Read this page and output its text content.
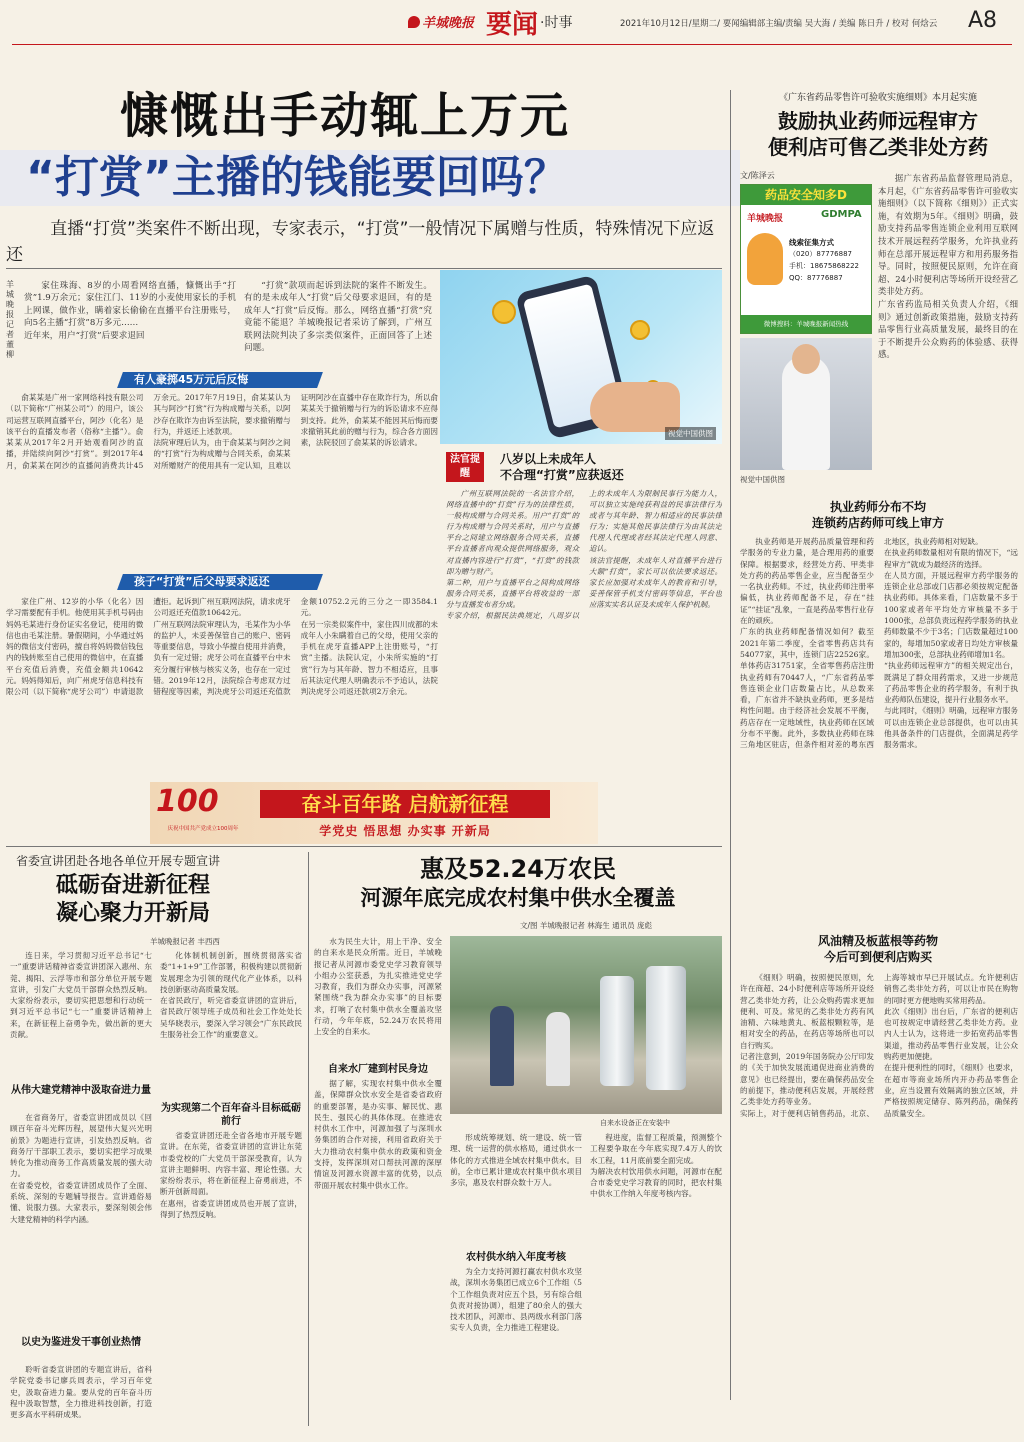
羊城晚报 要闻 ·时事	2021年10月12日/星期二/ 要闻编辑部主编/责编 吴大海 / 美编 陈日升 / 校对 何焓云 A8
慷慨出手动辄上万元
“打赏”主播的钱能要回吗？
直播“打赏”类案件不断出现，专家表示，“打赏”一般情况下属赠与性质，特殊情况下应返还
羊城晚报记者 董柳
家住珠海、8岁的小周看网络直播，慷慨出手“打赏”1.9万余元；家住江门、11岁的小麦使用家长的手机上网课，做作业，瞒着家长偷偷在直播平台注册账号，向5名主播“打赏”8万多元……
近年来，用户“打赏”后要求退回
“打赏”款项而起诉到法院的案件不断发生。有的是未成年人“打赏”后父母要求退回，有的是成年人“打赏”后反悔。那么，网络直播“打赏”究竟能不能退？羊城晚报记者采访了解到，广州互联网法院判决了多宗类似案件，正面回答了上述问题。
视觉中国供图
有人豪掷45万元后反悔
俞某某是广州一家网络科技有限公司（以下简称“广州某公司”）的用户，该公司运营互联网直播平台，阿沙（化名）是该平台的直播发布者（俗称“主播”）。俞某某从2017年2月开始观看阿沙的直播，并陆续向阿沙“打赏”。到2017年4月，俞某某在阿沙的直播间消费共计45万余元。2017年7月19日，俞某某认为其与阿沙“打赏”行为构成赠与关系，以阿沙存在欺诈为由诉至法院，要求撤销赠与行为，并返还上述款项。
法院审理后认为，由于俞某某与阿沙之间的“打赏”行为构成赠与合同关系，俞某某对所赠财产的使用具有一定认知，且难以证明阿沙在直播中存在欺诈行为，所以俞某某关于撤销赠与行为的诉讼请求不应得到支持。此外，俞某某不能因其后悔而要求撤销其此前的赠与行为，综合各方面因素，法院驳回了俞某某的诉讼请求。
孩子“打赏”后父母要求返还
家住广州、12岁的小华（化名）因学习需要配有手机。他使用其手机号码由妈妈毛某进行身份证实名登记，使用的微信也由毛某注册。暑假期间，小华通过妈妈的微信支付密码，擅自将妈妈微信钱包内的钱转账至自己使用的微信中，在直播平台充值后消费，充值金额共10642元。妈妈得知后，向广州虎牙信息科技有限公司（以下简称“虎牙公司”）申请退款遭拒。起诉到广州互联网法院，请求虎牙公司返还充值款10642元。
广州互联网法院审理认为，毛某作为小华的监护人，未妥善保管自己的账户、密码等重要信息，导致小华擅自使用并消费，负有一定过错；虎牙公司在直播平台中未充分履行审核与核实义务，也存在一定过错。2019年12月，法院综合考虑双方过错程度等因素，判决虎牙公司返还充值款金额10752.2元的三分之一即3584.1元。
在另一宗类似案件中，家住四川成都的未成年人小朱瞒着自己的父母，使用父亲的手机在虎牙直播APP上注册账号，“打赏”主播。法院认定，小朱所实施的“打赏”行为与其年龄、智力不相适应，且事后其法定代理人明确表示不予追认，法院判决虎牙公司返还款项2万余元。
法官提醒
八岁以上未成年人
不合理“打赏”应获返还
广州互联网法院的一名法官介绍，网络直播中的“打赏”行为的法律性质，一般构成赠与合同关系。用户“打赏”的行为构成赠与合同关系时，用户与直播平台之间建立网络服务合同关系，直播平台直播者向观众提供网络服务，观众对直播内容进行“打赏”，“打赏”的钱款即为赠与财产。
第二种，用户与直播平台之间构成网络服务合同关系，直播平台将收益的一部分与直播发布者分成。
专家介绍，根据民法典规定，八周岁以上的未成年人为限制民事行为能力人，可以独立实施纯获利益的民事法律行为或者与其年龄、智力相适应的民事法律行为；实施其他民事法律行为由其法定代理人代理或者经其法定代理人同意、追认。
该法官提醒，未成年人对直播平台进行大额“打赏”，家长可以依法要求返还。家长应加强对未成年人的教育和引导，妥善保管手机支付密码等信息，平台也应落实实名认证及未成年人保护机制。
《广东省药品零售许可验收实施细则》本月起实施
鼓励执业药师远程审方
便利店可售乙类非处方药
文/陈泽云
药品安全知多D
羊城晚报	GDMPA
线索征集方式
（020）87776887
手机：18675868222
QQ：87776887
微博搜料：羊城晚报新闻热线
据广东省药品监督管理局消息，本月起，《广东省药品零售许可验收实施细则》（以下简称《细则》）正式实施，有效期为5年。《细则》明确，鼓励支持药品零售连锁企业利用互联网技术开展远程药学服务，允许执业药师在总部开展远程审方和用药服务指导。同时，按照便民原则，允许在商超、24小时便利店等场所开设经营乙类非处方药。
广东省药监局相关负责人介绍，《细则》通过创新政策措施，鼓励支持药品零售行业高质量发展，最终目的在于不断提升公众购药的体验感、获得感。
视觉中国供图
执业药师分布不均
连锁药店药师可线上审方
执业药师是开展药品质量管理和药学服务的专业力量，是合理用药的重要保障。根据要求，经营处方药、甲类非处方药的药品零售企业，应当配备至少一名执业药师。不过，执业药师注册率偏低，执业药师配备不足，存在“挂证”“挂证”乱象，一直是药品零售行业存在的顽疾。
广东的执业药师配备情况如何？截至2021年第二季度，全省零售药店共有54077家，其中，连锁门店22526家。单体药店31751家，全省零售药店注册执业药师有70447人，“广东省药品零售连锁企业门店数量占比，从总数来看，广东省并不缺执业药师，更多是结构性问题。由于经济社会发展不平衡，药店存在一定地域性，执业药师在区域分布不平衡。此外，多数执业药师在珠三角地区驻店，但条件相对差的粤东西北地区，执业药师相对短缺。
在执业药师数量相对有限的情况下，“远程审方”就成为最经济的选择。
在人员方面，开展远程审方药学服务的连锁企业总部或门店都必须按规定配备执业药师。具体来看，门店数量不多于100家或者年平均处方审核量不多于1000张，总部负责远程药学服务的执业药师数量不少于3名；门店数量超过100家的，每增加50家或者日均处方审核量增加300张，总部执业药师增加1名。
“执业药师远程审方”的相关规定出台，既满足了群众用药需求，又进一步规范了药品零售企业的药学服务，有利于执业药师队伍建设，提升行业服务水平。
与此同时，《细则》明确，远程审方服务可以由连锁企业总部提供，也可以由其他具备条件的门店提供，全面满足药学服务需求。
风油精及板蓝根等药物
今后可到便利店购买
《细则》明确，按照便民原则，允许在商超、24小时便利店等场所开设经营乙类非处方药，让公众购药需求更加便利、可及。常见的乙类非处方药有风油精、六味地黄丸、板蓝根颗粒等，是相对安全的药品，在药店等场所也可以自行购买。
记者注意到，2019年国务院办公厅印发的《关于加快发展流通促进商业消费的意见》也已经提出，要在确保药品安全的前提下，推动便利店发展，开展经营乙类非处方药等业务。
实际上，对于便利店销售药品，北京、上海等城市早已开展试点。允许便利店销售乙类非处方药，可以让市民在购物的同时更方便地购买常用药品。
此次《细则》出台后，广东省的便利店也可按规定申请经营乙类非处方药。业内人士认为，这将进一步拓宽药品零售渠道，推动药品零售行业发展，让公众购药更加便捷。
在提升便利性的同时，《细则》也要求，在超市等商业场所内开办药品零售企业，应当设置有效隔离的独立区域，并严格按照规定储存、陈列药品，确保药品质量安全。
100
庆祝中国共产党成立100周年
奋斗百年路 启航新征程
学党史 悟思想 办实事 开新局
省委宣讲团赴各地各单位开展专题宣讲
砥砺奋进新征程
凝心聚力开新局
羊城晚报记者 丰西西
连日来，学习贯彻习近平总书记“七一”重要讲话精神省委宣讲团深入惠州、东莞、揭阳、云浮等市和部分单位开展专题宣讲，引发广大党员干部群众热烈反响。大家纷纷表示，要切实把思想和行动统一到习近平总书记“七一”重要讲话精神上来，在新征程上奋勇争先，做出新的更大贡献。
从伟大建党精神中汲取奋进力量
在省商务厅，省委宣讲团成员以《回顾百年奋斗光辉历程，展望伟大复兴光明前景》为题进行宣讲，引发热烈反响。省商务厅干部职工表示，要切实把学习成果转化为推动商务工作高质量发展的强大动力。
在省委党校，省委宣讲团成员作了全面、系统、深刻的专题辅导报告。宣讲通俗易懂、说服力强。大家表示，要深刻领会伟大建党精神的科学内涵。
以史为鉴进发干事创业热情
聆听省委宣讲团的专题宣讲后，省科学院党委书记廖兵周表示，学习百年党史，汲取奋进力量。要从党的百年奋斗历程中汲取智慧，全力推进科技创新，打造更多高水平科研成果。
化体制机制创新，围绕贯彻落实省委“1+1+9”工作部署，积极构建以贯彻新发展理念为引领的现代化产业体系，以科技创新驱动高质量发展。
在省民政厅，听完省委宣讲团的宣讲后，省民政厅领导班子成员和社会工作处处长吴华晓表示，要深入学习领会“广东民政民生服务社会工作”的重要意义。
为实现第二个百年奋斗目标砥砺前行
省委宣讲团还赴全省各地市开展专题宣讲。在东莞，省委宣讲团的宣讲让东莞市委党校的广大党员干部深受教育，认为宣讲主题鲜明、内容丰富、理论性强。大家纷纷表示，将在新征程上奋勇前进，不断开创新局面。
在惠州，省委宣讲团成员也开展了宣讲，得到了热烈反响。
惠及52.24万农民
河源年底完成农村集中供水全覆盖
文/图 羊城晚报记者 林海生 通讯员 庞彪
水为民生大计，用上干净、安全的自来水是民众所需。近日，羊城晚报记者从河源市委党史学习教育领导小组办公室获悉，为扎实推进党史学习教育，我们为群众办实事，河源紧紧围绕“我为群众办实事”的目标要求，打响了农村集中供水全覆盖攻坚行动，今年年底，52.24万农民将用上安全的自来水。
自来水厂建到村民身边
据了解，实现农村集中供水全覆盖，保障群众饮水安全是省委省政府的重要部署，是办实事、解民忧、惠民生、强民心的具体体现。在推进农村供水工作中，河源加强了与深圳水务集团的合作对接，利用省政府关于大力推动农村集中供水的政策和资金支持，发挥深圳对口帮扶河源的深厚情谊及河源水资源丰富的优势，以点带面开展农村集中供水工作。
自来水设备正在安装中
形成统筹规划、统一建设、统一管理、统一运营的供水格局，通过供水一体化的方式推进全域农村集中供水。目前，全市已累计建成农村集中供水项目多宗，惠及农村群众数十万人。
农村供水纳入年度考核
为全力支持河源打赢农村供水攻坚战，深圳水务集团已成立6个工作组（5个工作组负责对应五个县，另有综合组负责对接协调），组建了80余人的强大技术团队，河源市、县两级水利部门落实专人负责，全力推进工程建设。
程进度，监督工程质量，预测整个工程要争取在今年底实现7.4万人的饮水工程，11月底前要全面完成。
为解决农村饮用供水问题，河源市在配合市委党史学习教育的同时，把农村集中供水工作纳入年度考核内容。
